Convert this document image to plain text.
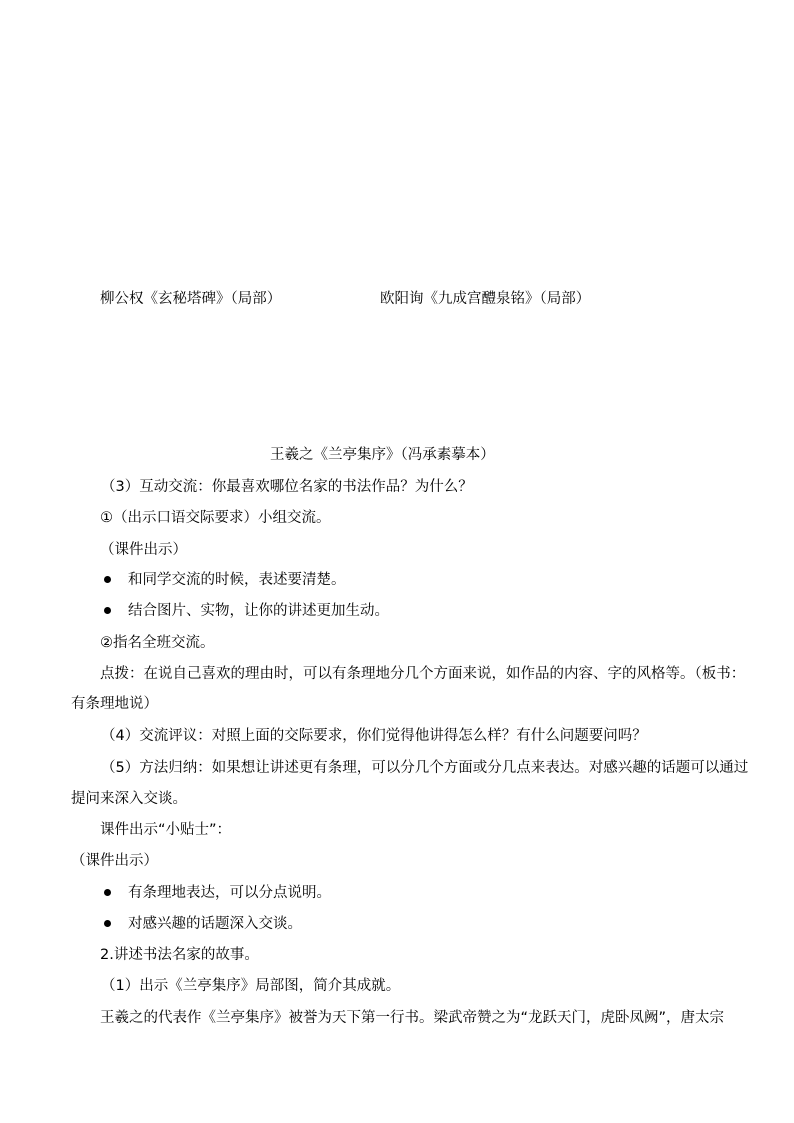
柳公权《玄秘塔碑》（局部）	欧阳询《九成宫醴泉铭》（局部）
王羲之《兰亭集序》（冯承素摹本）
（3）互动交流：你最喜欢哪位名家的书法作品？为什么？
①（出示口语交际要求）小组交流。
（课件出示）
和同学交流的时候，表述要清楚。
结合图片、实物，让你的讲述更加生动。
②指名全班交流。
点拨：在说自己喜欢的理由时，可以有条理地分几个方面来说，如作品的内容、字的风格等。（板书：
有条理地说）
（4）交流评议：对照上面的交际要求，你们觉得他讲得怎么样？有什么问题要问吗？
（5）方法归纳：如果想让讲述更有条理，可以分几个方面或分几点来表达。对感兴趣的话题可以通过
提问来深入交谈。
课件出示“小贴士”：
（课件出示）
有条理地表达，可以分点说明。
对感兴趣的话题深入交谈。
2.讲述书法名家的故事。
（1）出示《兰亭集序》局部图，简介其成就。
王羲之的代表作《兰亭集序》被誉为天下第一行书。梁武帝赞之为“龙跃天门，虎卧凤阙”，唐太宗
